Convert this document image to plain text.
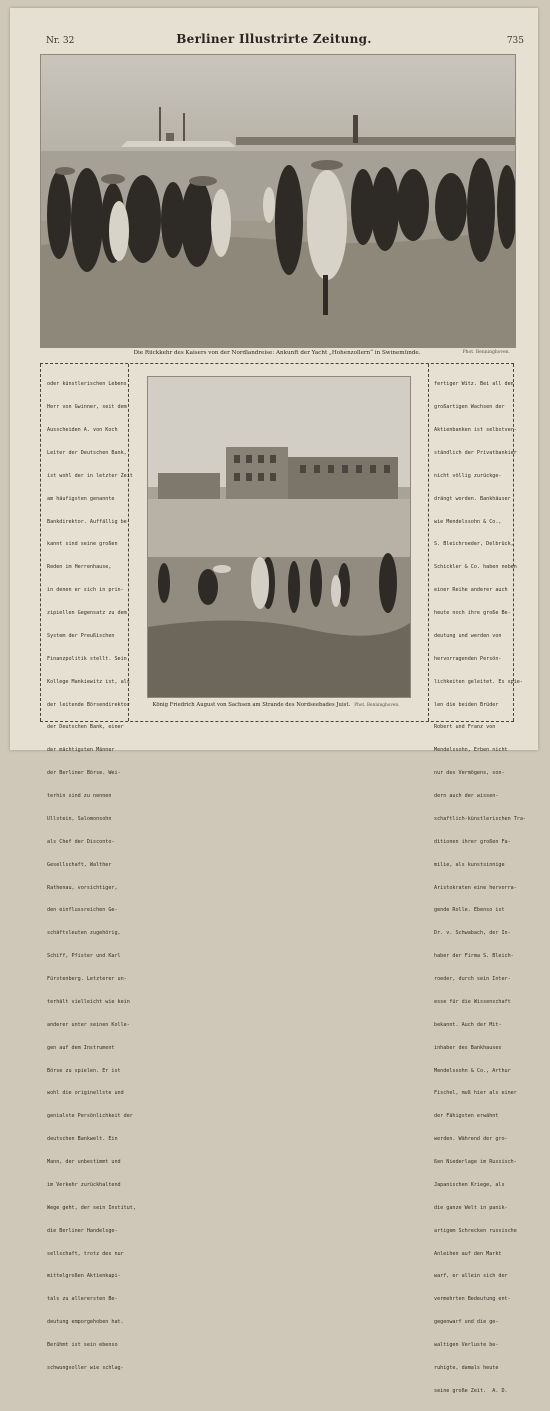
Nr. 32	Berliner Illustrirte Zeitung.	735
Die Rückkehr des Kaisers von der Nordlandreise: Ankunft der Yacht „Hohenzollern“ in Swinemünde.	Phot. Benninghoven.

oder künstlerischen Lebens.

Herr von Gwinner, seit dem

Ausscheiden A. von Koch

Leiter der Deutschen Bank,

ist wohl der in letzter Zeit

am häufigsten genannte

Bankdirektor. Auffällig be-

kannt sind seine großen

Reden im Herrenhause,

in denen er sich in prin-

zipiellen Gegensatz zu dem

System der Preußischen

Finanzpolitik stellt. Sein

Kollege Mankiewitz ist, als

der leitende Börsendirektor

der Deutschen Bank, einer

der mächtigsten Männer

der Berliner Börse. Wei-

terhin sind zu nennen

Ullstein, Salomonsohn

als Chef der Disconto-

Gesellschaft, Walther

Rathenau, vorsichtiger,

den einflussreichen Ge-

schäftsleuten zugehörig,

Schiff, Pfister und Karl

Fürstenberg. Letzterer un-

terhält vielleicht wie kein

anderer unter seinen Kolle-

gen auf dem Instrument

Börse zu spielen. Er ist

wohl die originellste und

genialste Persönlichkeit der

deutschen Bankwelt. Ein

Mann, der unbestimmt und

im Verkehr zurückhaltend

Wege geht, der sein Institut,

die Berliner Handelsge-

sellschaft, trotz des nur

mittelgroßen Aktienkapi-

tals zu allerersten Be-

deutung emporgehoben hat.

Berühmt ist sein ebenso

schwungvoller wie schlag-

König Friedrich August von Sachsen am Strande des Nordseebades Juist. Phot. Benninghoven.

fertiger Witz. Bei all den

großartigen Wachsen der

Aktienbanken ist selbstver-

ständlich der Privatbankier

nicht völlig zurückge-

drängt worden. Bankhäuser

wie Mendelssohn & Co.,

S. Bleichroeder, Delbrück,

Schickler & Co. haben neben

einer Reihe anderer auch

heute noch ihre große Be-

deutung und werden von

hervorragenden Persön-

lichkeiten geleitet. Es spie-

len die beiden Brüder

Robert und Franz von

Mendelssohn, Erben nicht

nur des Vermögens, son-

dern auch der wissen-

schaftlich-künstlerischen Tra-

ditionen ihrer großen Fa-

milie, als kunstsinnige

Aristokraten eine hervorra-

gende Rolle. Ebenso ist

Dr. v. Schwabach, der In-

haber der Firma S. Bleich-

roeder, durch sein Inter-

esse für die Wissenschaft

bekannt. Auch der Mit-

inhaber des Bankhauses

Mendelssohn & Co., Arthur

Fischel, muß hier als einer

der Fähigsten erwähnt

werden. Während der gro-

ßen Niederlage im Russisch-

Japanischen Kriege, als

die ganze Welt in panik-

artigem Schrecken russische

Anleihen auf den Markt

warf, er allein sich der

vermehrten Bedeutung ent-

gegenwarf und die ge-

waltigen Verluste be-

ruhigte, damals heute

seine große Zeit.  A. D.
